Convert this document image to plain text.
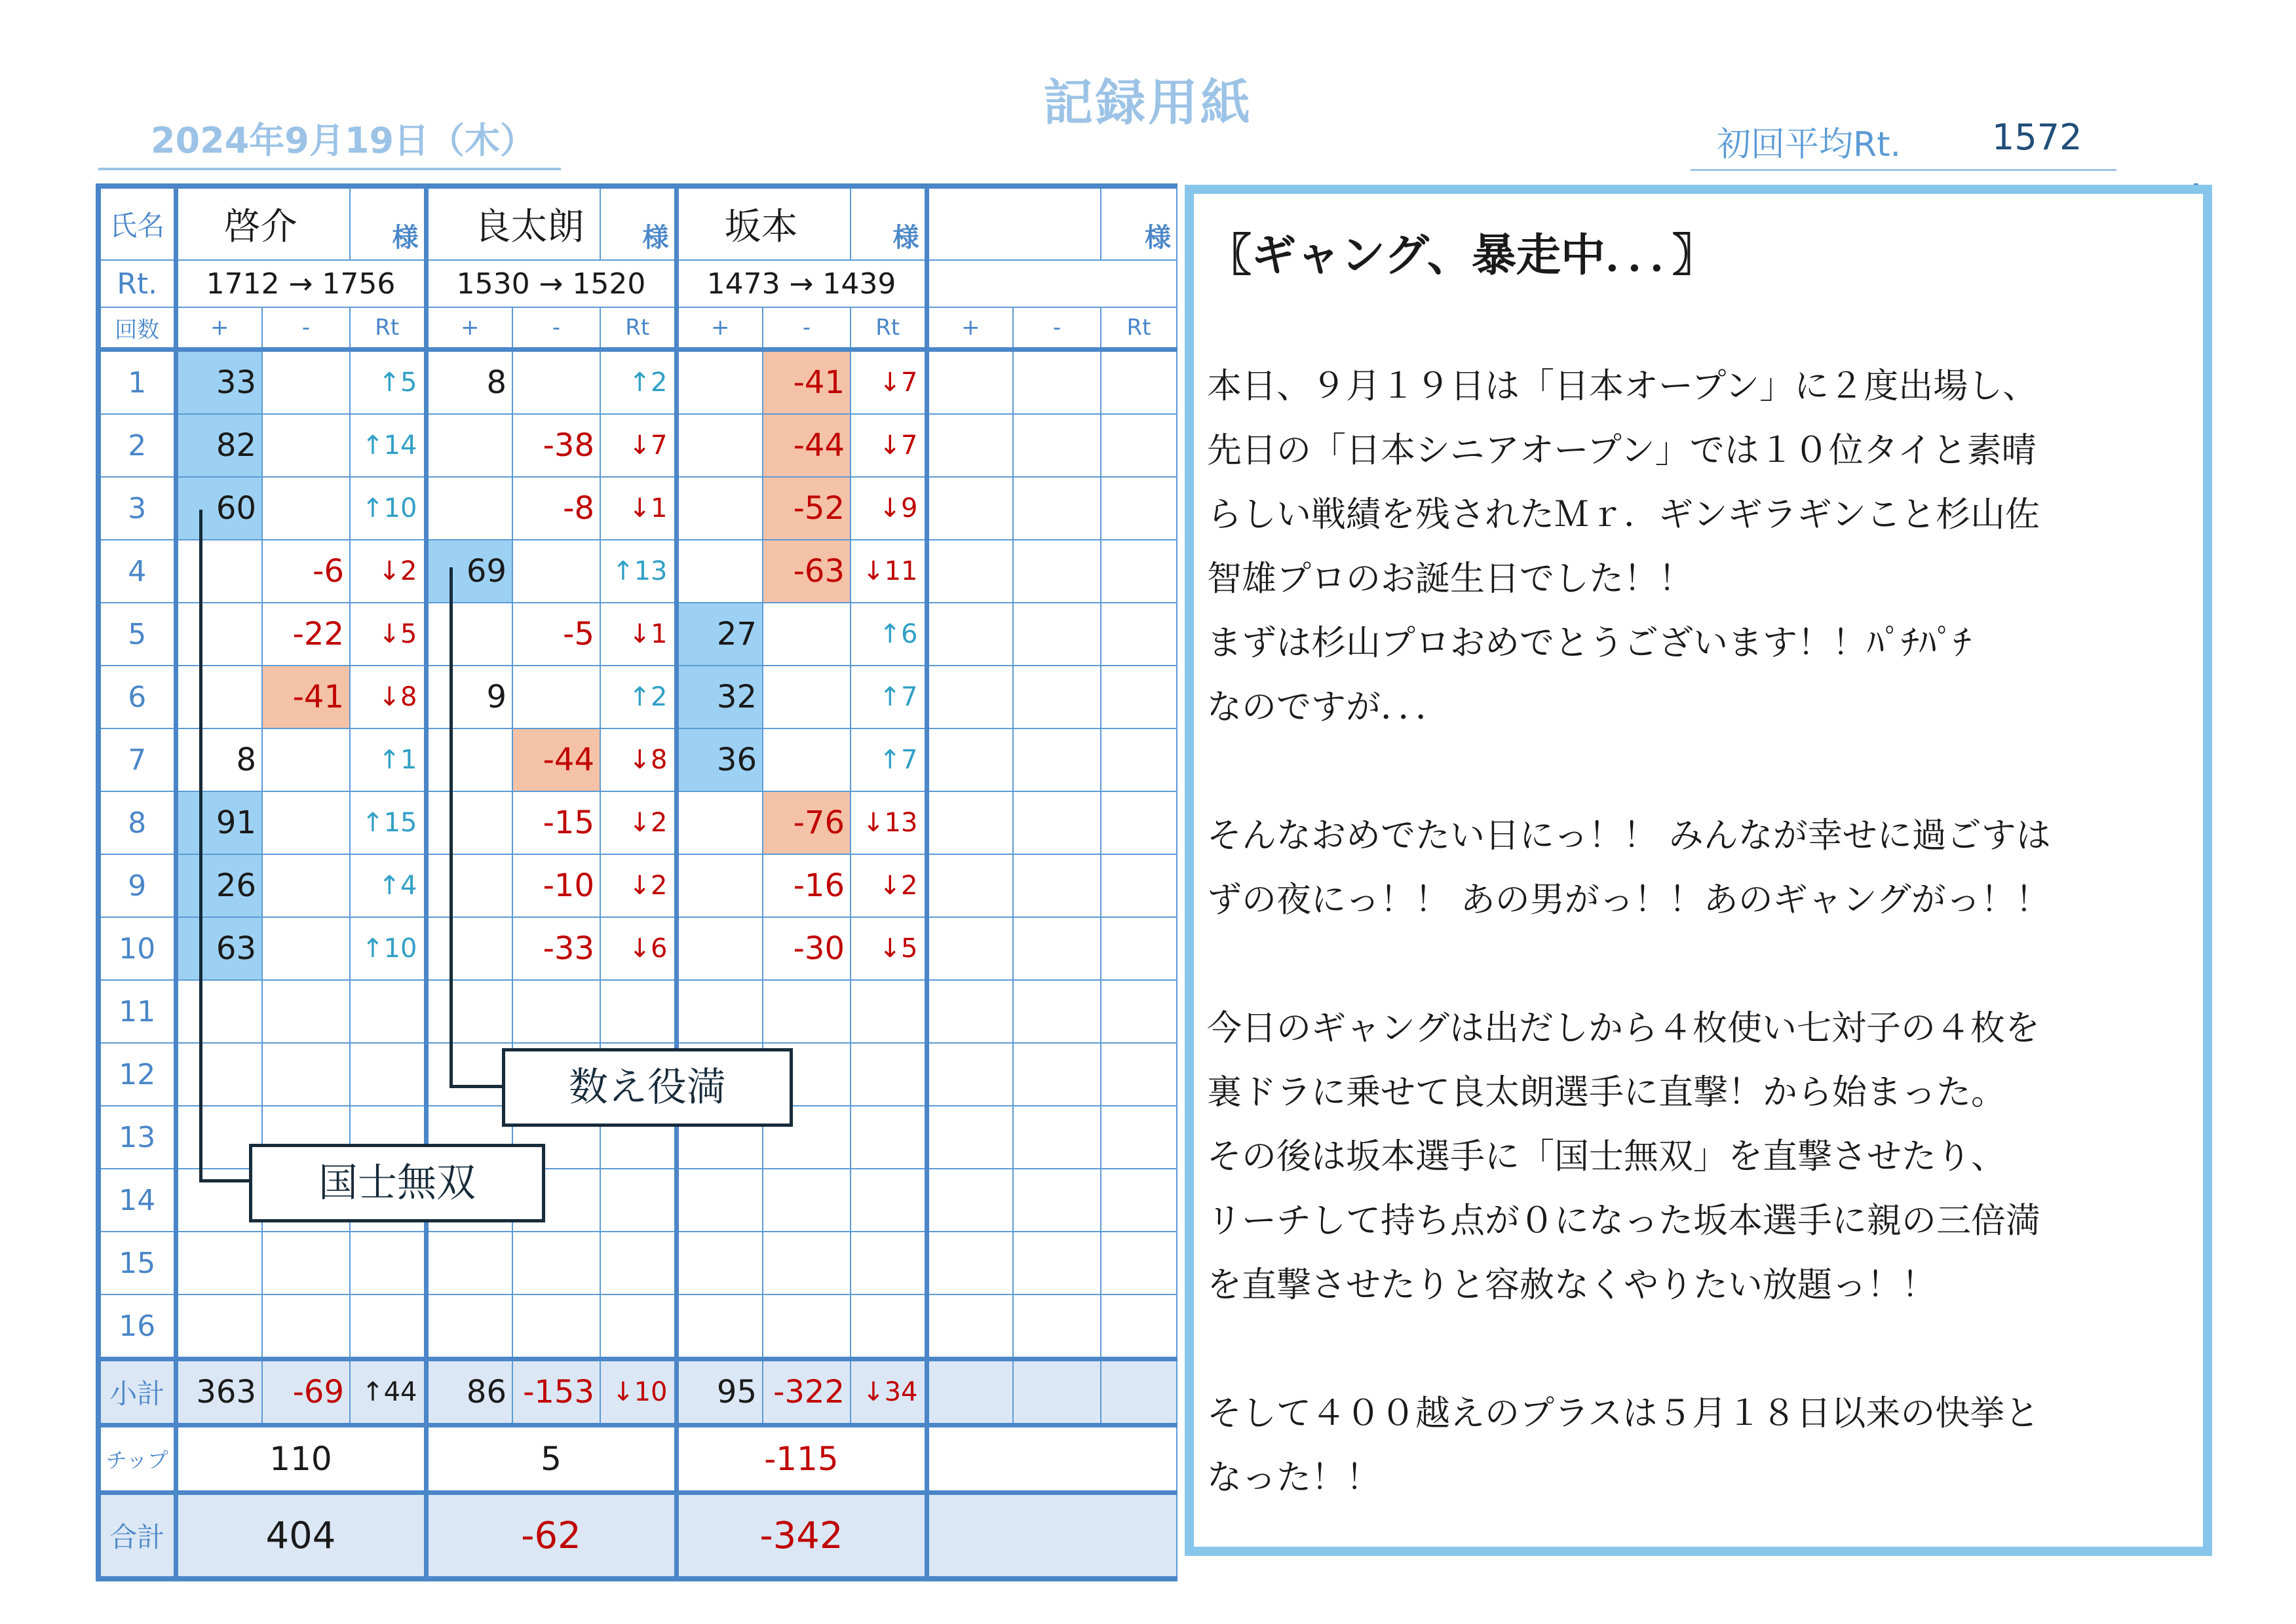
記録用紙
2024年9月19日（木）	初回平均Rt.	1572
氏名	啓介		様	良太朗		様	坂本		様			様
Rt.	1712 → 1756			1530 → 1520			1473 → 1439					
回数	+	-	Rt	+	-	Rt	+	-	Rt	+	-	Rt
1	33		↑5	8		↑2		-41	↓7			
2	82		↑14		-38	↓7		-44	↓7			
3	60		↑10		-8	↓1		-52	↓9			
4		-6	↓2	69		↑13		-63	↓11			
5		-22	↓5		-5	↓1	27		↑6			
6		-41	↓8	9		↑2	32		↑7			
7	8		↑1		-44	↓8	36		↑7			
8	91		↑15		-15	↓2		-76	↓13			
9	26		↑4		-10	↓2		-16	↓2			
10	63		↑10		-33	↓6		-30	↓5			
11												
12												
13												
14												
15												
16												
小計	363	-69	↑44	86	-153	↓10	95	-322	↓34			
チップ	110			5			-115					
合計	404			-62			-342					
〖ギャング、暴走中．．．〗

本日、９月１９日は「日本オープン」に２度出場し、

先日の「日本シニアオープン」では１０位タイと素晴

らしい戦績を残されたＭｒ．ギンギラギンこと杉山佐

智雄プロのお誕生日でした！！

まずは杉山プロおめでとうございます！！ﾊﾟﾁﾊﾟﾁ

なのですが．．．

そんなおめでたい日にっ！！ みんなが幸せに過ごすは

ずの夜にっ！！ あの男がっ！！あのギャングがっ！！

今日のギャングは出だしから４枚使い七対子の４枚を

裏ドラに乗せて良太朗選手に直撃！から始まった。

その後は坂本選手に「国士無双」を直撃させたり、

リーチして持ち点が０になった坂本選手に親の三倍満

を直撃させたりと容赦なくやりたい放題っ！！

そして４００越えのプラスは５月１８日以来の快挙と

なった！！

国士無双
数え役満
